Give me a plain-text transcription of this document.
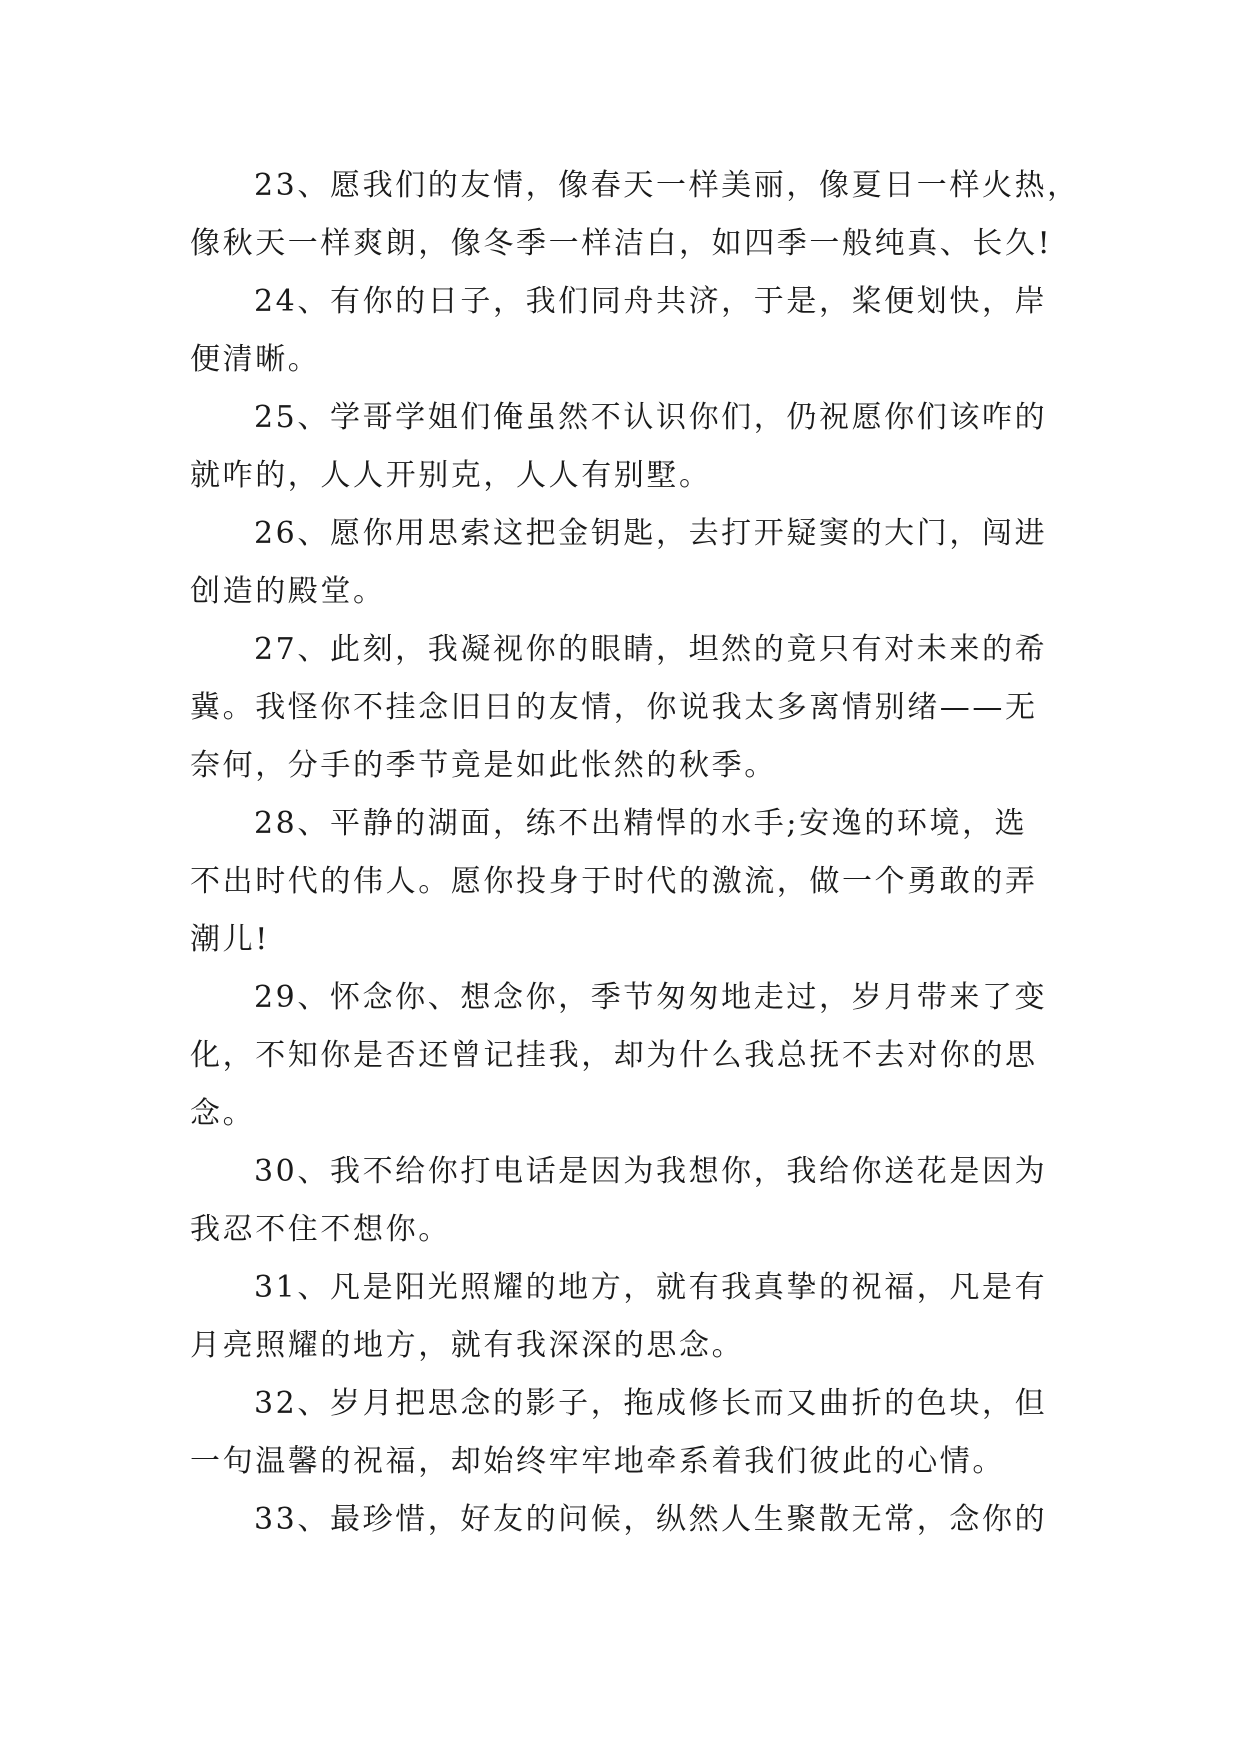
23、愿我们的友情，像春天一样美丽，像夏日一样火热，
像秋天一样爽朗，像冬季一样洁白，如四季一般纯真、长久!
24、有你的日子，我们同舟共济，于是，桨便划快，岸
便清晰。
25、学哥学姐们俺虽然不认识你们，仍祝愿你们该咋的
就咋的，人人开别克，人人有别墅。
26、愿你用思索这把金钥匙，去打开疑窦的大门，闯进
创造的殿堂。
27、此刻，我凝视你的眼睛，坦然的竟只有对未来的希
冀。我怪你不挂念旧日的友情，你说我太多离情别绪——无
奈何，分手的季节竟是如此怅然的秋季。
28、平静的湖面，练不出精悍的水手;安逸的环境，选
不出时代的伟人。愿你投身于时代的激流，做一个勇敢的弄
潮儿!
29、怀念你、想念你，季节匆匆地走过，岁月带来了变
化，不知你是否还曾记挂我，却为什么我总抚不去对你的思
念。
30、我不给你打电话是因为我想你，我给你送花是因为
我忍不住不想你。
31、凡是阳光照耀的地方，就有我真挚的祝福，凡是有
月亮照耀的地方，就有我深深的思念。
32、岁月把思念的影子，拖成修长而又曲折的色块，但
一句温馨的祝福，却始终牢牢地牵系着我们彼此的心情。
33、最珍惜，好友的问候，纵然人生聚散无常，念你的
